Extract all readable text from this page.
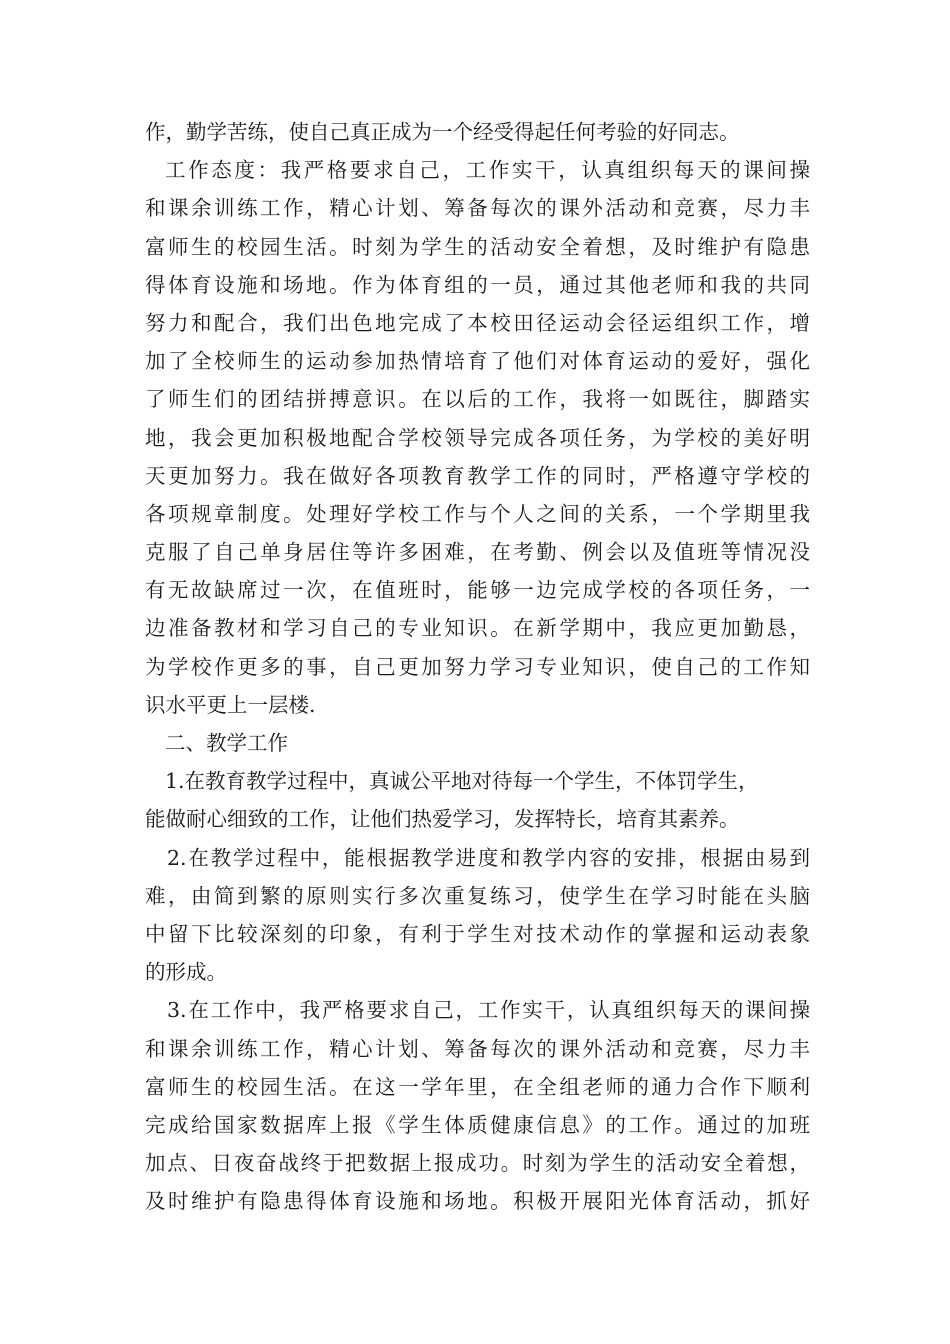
作，勤学苦练，使自己真正成为一个经受得起任何考验的好同志。
工作态度：我严格要求自己，工作实干，认真组织每天的课间操
和课余训练工作，精心计划、筹备每次的课外活动和竞赛，尽力丰
富师生的校园生活。时刻为学生的活动安全着想，及时维护有隐患
得体育设施和场地。作为体育组的一员，通过其他老师和我的共同
努力和配合，我们出色地完成了本校田径运动会径运组织工作，增
加了全校师生的运动参加热情培育了他们对体育运动的爱好，强化
了师生们的团结拼搏意识。在以后的工作，我将一如既往，脚踏实
地，我会更加积极地配合学校领导完成各项任务，为学校的美好明
天更加努力。我在做好各项教育教学工作的同时，严格遵守学校的
各项规章制度。处理好学校工作与个人之间的关系，一个学期里我
克服了自己单身居住等许多困难，在考勤、例会以及值班等情况没
有无故缺席过一次，在值班时，能够一边完成学校的各项任务，一
边准备教材和学习自己的专业知识。在新学期中，我应更加勤恳，
为学校作更多的事，自己更加努力学习专业知识，使自己的工作知
识水平更上一层楼.
二、教学工作
1.在教育教学过程中，真诚公平地对待每一个学生，不体罚学生，
能做耐心细致的工作，让他们热爱学习，发挥特长，培育其素养。
2.在教学过程中，能根据教学进度和教学内容的安排，根据由易到
难，由简到繁的原则实行多次重复练习，使学生在学习时能在头脑
中留下比较深刻的印象，有利于学生对技术动作的掌握和运动表象
的形成。
3.在工作中，我严格要求自己，工作实干，认真组织每天的课间操
和课余训练工作，精心计划、筹备每次的课外活动和竞赛，尽力丰
富师生的校园生活。在这一学年里，在全组老师的通力合作下顺利
完成给国家数据库上报《学生体质健康信息》的工作。通过的加班
加点、日夜奋战终于把数据上报成功。时刻为学生的活动安全着想，
及时维护有隐患得体育设施和场地。积极开展阳光体育活动，抓好
